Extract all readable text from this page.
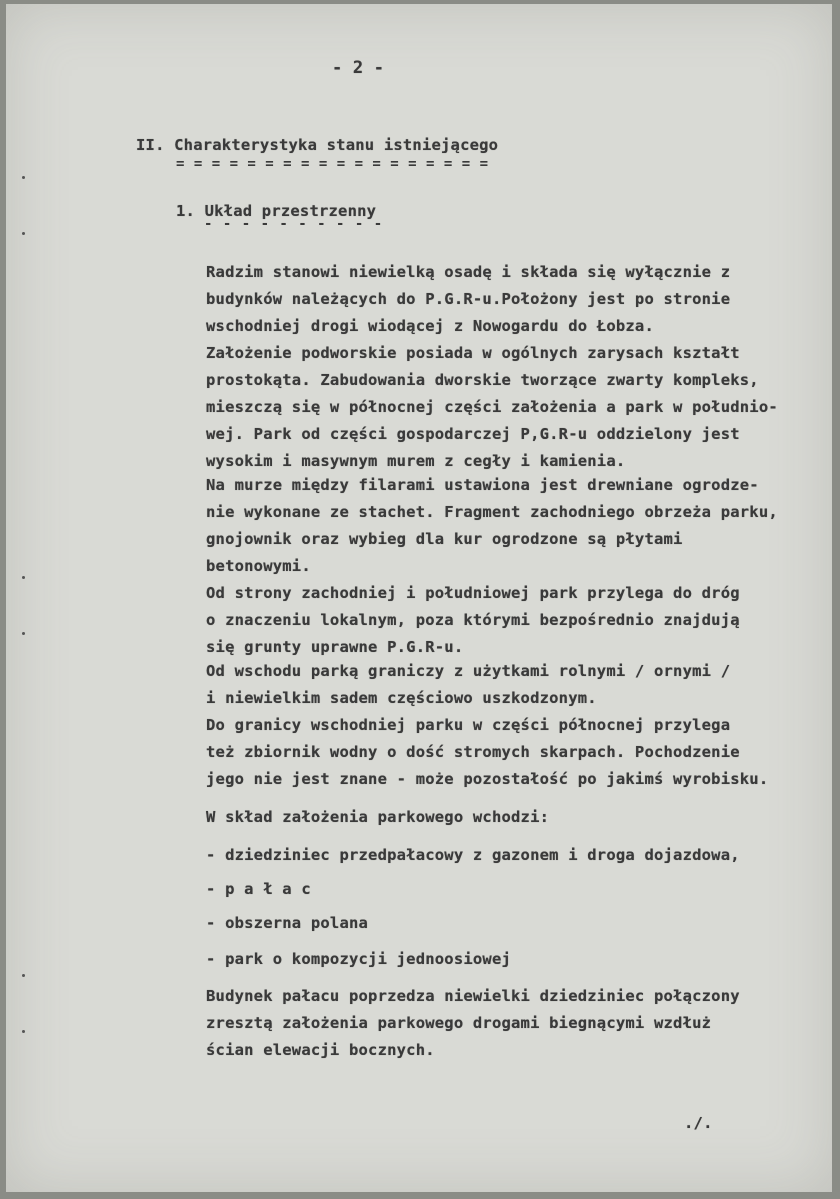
- 2 -
II. Charakterystyka stanu istniejącego
= = = = = = = = = = = = = = = = = =
1. Układ przestrzenny
- - - - - - - - - -
Radzim stanowi niewielką osadę i składa się wyłącznie z
budynków należących do P.G.R-u.Położony jest po stronie
wschodniej drogi wiodącej z Nowogardu do Łobza.
Założenie podworskie posiada w ogólnych zarysach kształt
prostokąta. Zabudowania dworskie tworzące zwarty kompleks,
mieszczą się w północnej części założenia a park w południo-
wej. Park od części gospodarczej P,G.R-u oddzielony jest
wysokim i masywnym murem z cegły i kamienia.
Na murze między filarami ustawiona jest drewniane ogrodze-
nie wykonane ze stachet. Fragment zachodniego obrzeża parku,
gnojownik oraz wybieg dla kur ogrodzone są płytami
betonowymi.
Od strony zachodniej i południowej park przylega do dróg
o znaczeniu lokalnym, poza którymi bezpośrednio znajdują
się grunty uprawne P.G.R-u.
Od wschodu parką graniczy z użytkami rolnymi / ornymi /
i niewielkim sadem częściowo uszkodzonym.
Do granicy wschodniej parku w części północnej przylega
też zbiornik wodny o dość stromych skarpach. Pochodzenie
jego nie jest znane - może pozostałość po jakimś wyrobisku.
W skład założenia parkowego wchodzi:
- dziedziniec przedpałacowy z gazonem i droga dojazdowa,
- p a ł a c
- obszerna polana
- park o kompozycji jednoosiowej
Budynek pałacu poprzedza niewielki dziedziniec połączony
zresztą założenia parkowego drogami biegnącymi wzdłuż
ścian elewacji bocznych.
./.
